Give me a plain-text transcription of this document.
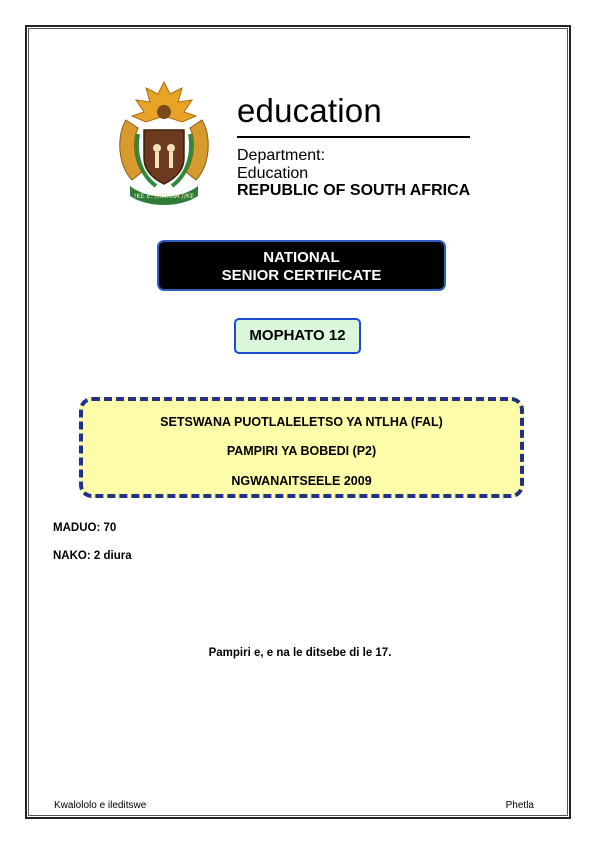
!KE E: /XARRA //KE
education
Department:
Education
REPUBLIC OF SOUTH AFRICA
NATIONAL
SENIOR CERTIFICATE
MOPHATO 12
SETSWANA PUOTLALELETSO YA NTLHA (FAL)
PAMPIRI YA BOBEDI (P2)
NGWANAITSEELE 2009
MADUO: 70
NAKO: 2 diura
Pampiri e, e na le ditsebe di le 17.
Kwalololo e ileditswe	Phetla
